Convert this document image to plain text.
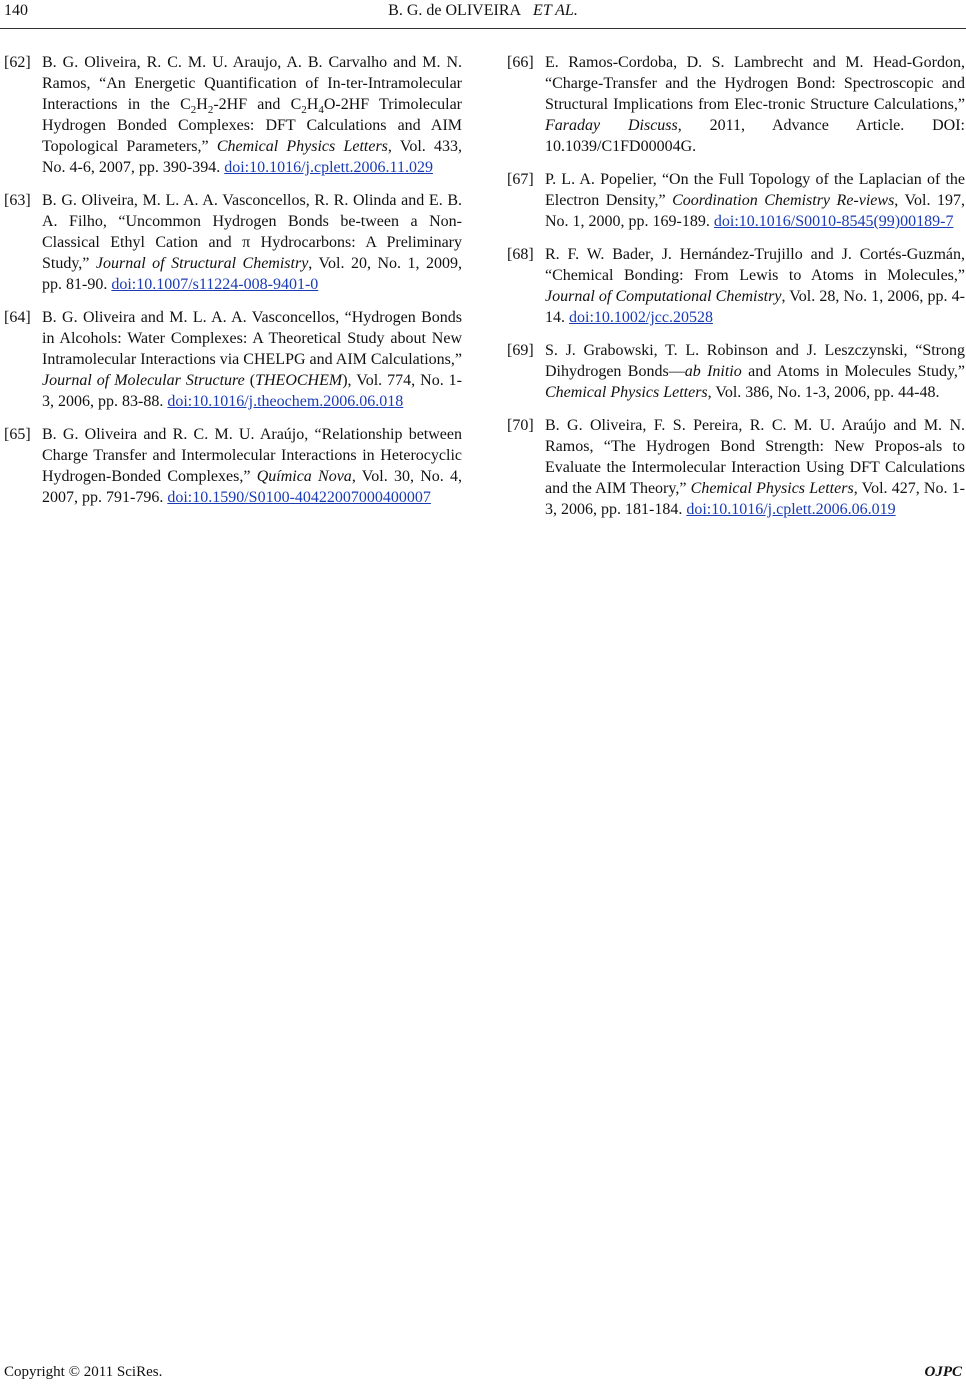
140	B. G. de OLIVEIRA ET AL.
[62] B. G. Oliveira, R. C. M. U. Araujo, A. B. Carvalho and M. N. Ramos, “An Energetic Quantification of In-ter-Intramolecular Interactions in the $C_2H_2-2HF$ and $C_2H_4O-2HF$ Trimolecular Hydrogen Bonded Complexes: DFT Calculations and AIM Topological Parameters,” Chemical Physics Letters, Vol. 433, No. 4-6, 2007, pp. 390-394. doi:10.1016/j.cplett.2006.11.029
[63] B. G. Oliveira, M. L. A. A. Vasconcellos, R. R. Olinda and E. B. A. Filho, “Uncommon Hydrogen Bonds be-tween a Non-Classical Ethyl Cation and π Hydrocarbons: A Preliminary Study,” Journal of Structural Chemistry, Vol. 20, No. 1, 2009, pp. 81-90. doi:10.1007/s11224-008-9401-0
[64] B. G. Oliveira and M. L. A. A. Vasconcellos, “Hydrogen Bonds in Alcohols: Water Complexes: A Theoretical Study about New Intramolecular Interactions via CHELPG and AIM Calculations,” Journal of Molecular Structure (THEOCHEM), Vol. 774, No. 1-3, 2006, pp. 83-88. doi:10.1016/j.theochem.2006.06.018
[65] B. G. Oliveira and R. C. M. U. Araújo, “Relationship between Charge Transfer and Intermolecular Interactions in Heterocyclic Hydrogen-Bonded Complexes,” Química Nova, Vol. 30, No. 4, 2007, pp. 791-796. doi:10.1590/S0100-40422007000400007
[66] E. Ramos-Cordoba, D. S. Lambrecht and M. Head-Gordon, “Charge-Transfer and the Hydrogen Bond: Spectroscopic and Structural Implications from Elec-tronic Structure Calculations,” Faraday Discuss, 2011, Advance Article. DOI: 10.1039/C1FD00004G.
[67] P. L. A. Popelier, “On the Full Topology of the Laplacian of the Electron Density,” Coordination Chemistry Re-views, Vol. 197, No. 1, 2000, pp. 169-189. doi:10.1016/S0010-8545(99)00189-7
[68] R. F. W. Bader, J. Hernández-Trujillo and J. Cortés-Guzmán, “Chemical Bonding: From Lewis to Atoms in Molecules,” Journal of Computational Chemistry, Vol. 28, No. 1, 2006, pp. 4-14. doi:10.1002/jcc.20528
[69] S. J. Grabowski, T. L. Robinson and J. Leszczynski, “Strong Dihydrogen Bonds―ab Initio and Atoms in Molecules Study,” Chemical Physics Letters, Vol. 386, No. 1-3, 2006, pp. 44-48.
[70] B. G. Oliveira, F. S. Pereira, R. C. M. U. Araújo and M. N. Ramos, “The Hydrogen Bond Strength: New Propos-als to Evaluate the Intermolecular Interaction Using DFT Calculations and the AIM Theory,” Chemical Physics Letters, Vol. 427, No. 1-3, 2006, pp. 181-184. doi:10.1016/j.cplett.2006.06.019
Copyright © 2011 SciRes.	OJPC
